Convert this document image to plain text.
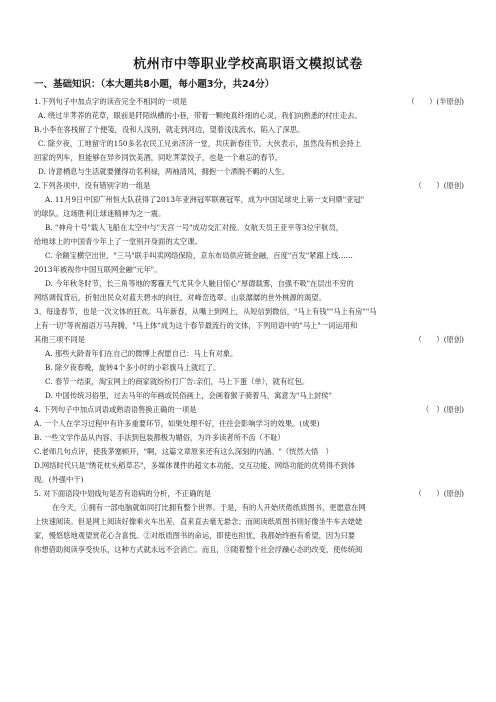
杭州市中等职业学校高职语文模拟试卷
一、基础知识：（本大题共8小题，每小题3分，共24分）
1.下列句子中加点字的读音完全不相同的一项是	（　　）(半原创)
A. 绕过半荠荞的花草，眼前是阡陌纵横的小巷，带着一颗纯真纤细的心灵，我们向熟悉的村庄走去。
B.小李在客栈留了个便笺，没和人浅别，就走到河边，望着浅浅流水，陷入了深思。
C. 除夕夜，工地留守的150多名农民工兄弟济济一堂，共庆新春佳节。大伙表示，虽然没有机会持上
回家的列车，但能够在异乡同饮美酒，同吃荠菜饺子，也是一个难忘的春节。
D. 诗意栖息与生活就要懂得功名利禄，两袖清风，拥抱一个洒脱不羁的人生。
2.下列各项中，没有错别字的一组是	（　　）(原创)
A. 11月9日中国广州恒大队获得了2013年亚洲冠军联赛冠军，成为中国足球史上第一支问鼎"亚冠"
的球队。这场胜利让球迷精神为之一震。
B. "神舟十号"载人飞船在太空中与"天宫一号"成功交汇对接。女航天员王亚平等3位宇航员，
给地球上的中国青少年上了一堂别开身面的太空课。
C. 余额宝横空出世，"三马"联手叫卖网络保险，京东布局供应链金融，百度"百发"紧跟上线……
2013年被视作中国互联网金融"元年"。
D. 今年秋冬时节，长三角等地的雾霾天气尤其令人触目惊心"厚德载雾，自强不吸"在层出不穷的
网络调侃背后，折射出民众对蓝天碧水的向往，对峰峦选翠、山泉潺潺的世外桃源的渴望。
3、每逢春节，也是一次文体的狂欢。马年新春，从嘴上到网上，从短信到微信，"马上有钱""马上有房""马
上有一切"等祝福语万马奔腾，"马上体"成为这个春节最流行的文体，下列用语中的"马上"一词运用和
其他三项不同是	（　　）(原创)
A. 那些大龄青年们在自己的微博上祝愿自己：马上有对象。
B. 除夕夜春晚，旋转4个多小时的小彩旗马上就红了。
C. 春节一结束，淘宝网上的商家就纷纷打广告:亲们，马上下蛋（单），就有红包。
D. 中国传统习俗里，过去马年的年画或民俗画上，会画着猴子骑着马，寓意为"马上封侯"
4. 下列句子中加点词语或熟语语售换正确的一项是	（　）(原创)
A. 一个人在学习过程中有许多重要环节，如果处理不好，往往会影响学习的效果。(成果)
B. 一些文学作品从内容、手法到包装都极为媚俗，为许多读者所不齿（不耻）
C.老师几句点评，使我茅塞顿开，"啊，这篇文章原来还有这么深刻的内涵。"（恍然大悟　）
D.网络时代只是"绣花枕头稻草芯"，多媒体课件的超文本功能、交互功能、网络功能的优势得不到体
现。(外强中干)
5. 对下面语段中划线句是否有语病的分析，不正确的是	（　　）(原创)
在今天，①拥有一部电脑就如同打比拥有整个世界。于是，有的人开始厌倦纸质图书，更愿意在网
上快速阅读。但是网上阅读好像乘火车出差，直来直去毫无悬念；而阅读纸质图书则好像坐牛车去姥姥
家，慢悠悠地观望赏花心含喜悦。②对纸质图书的命运，即使也担忧，我都始终抱有希望，因为只要
你想借助阅读享受快乐，这种方式就永远不会消亡。而且，③随着整个社会浮躁心态的改变，使传统阅
